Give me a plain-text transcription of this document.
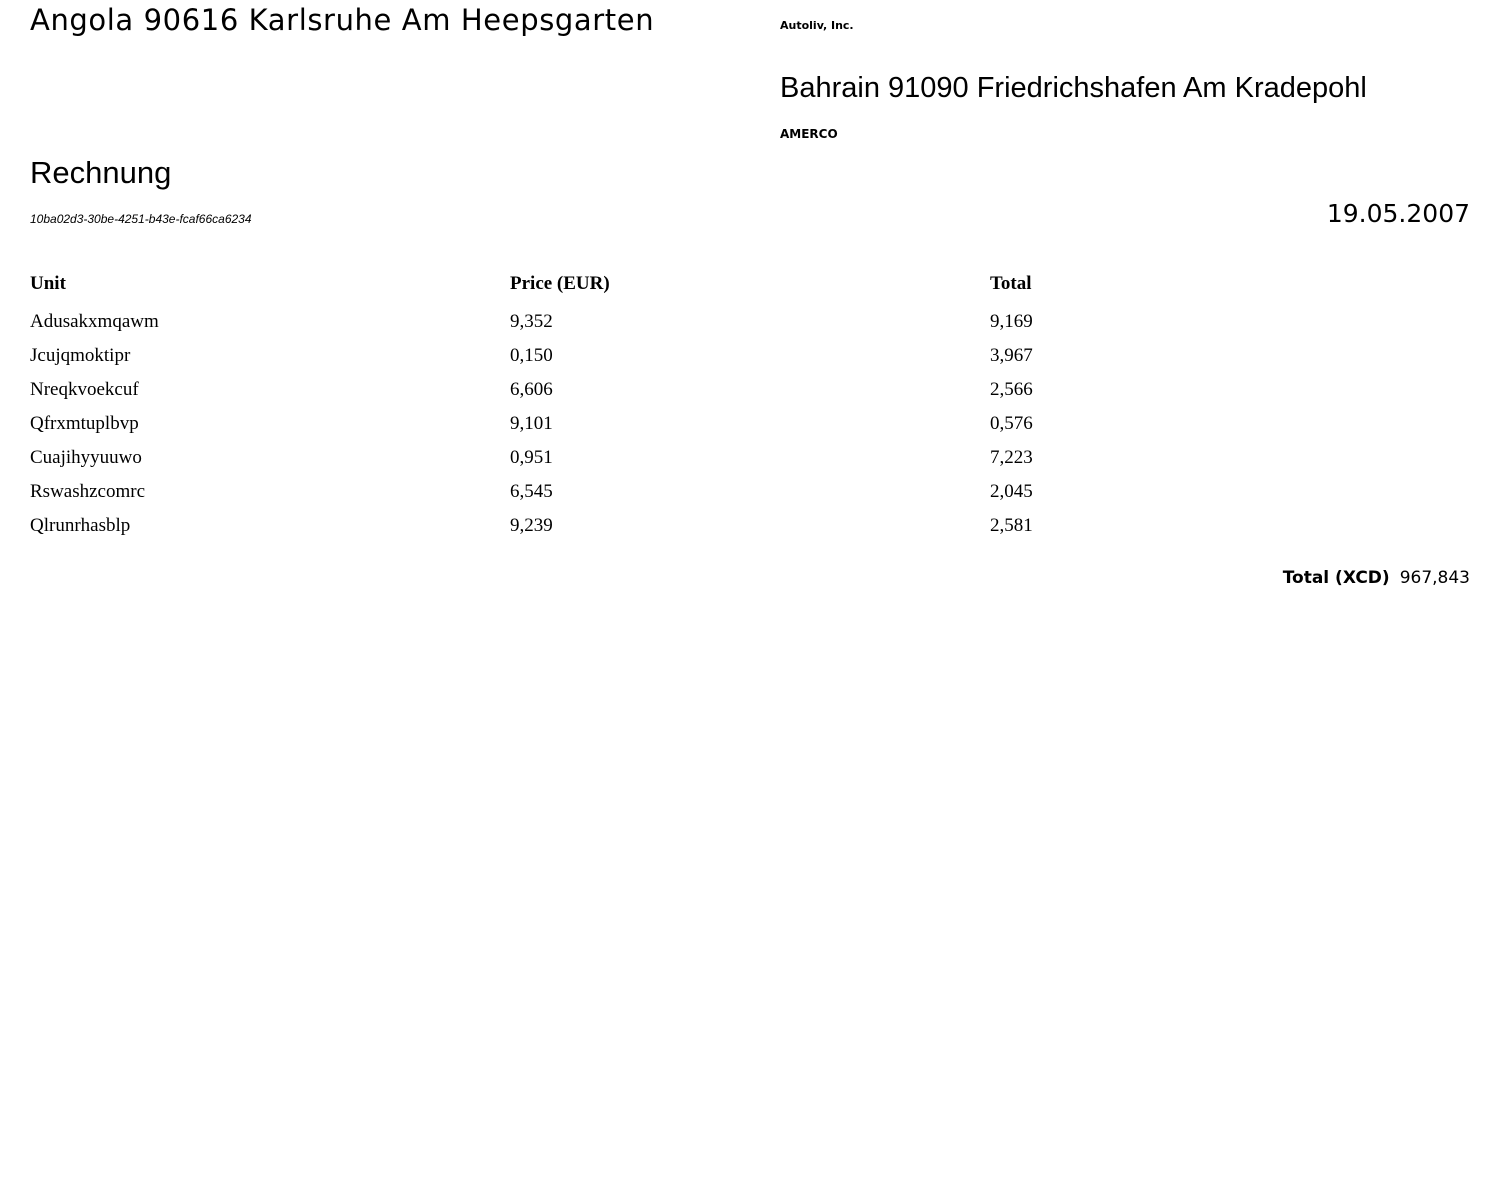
Angola 90616 Karlsruhe Am Heepsgarten	Autoliv, Inc.
Bahrain 91090 Friedrichshafen Am Kradepohl
AMERCO
Rechnung
10ba02d3-30be-4251-b43e-fcaf66ca6234	19.05.2007
Unit	Price (EUR)	Total
Adusakxmqawm	9,352	9,169
Jcujqmoktipr	0,150	3,967
Nreqkvoekcuf	6,606	2,566
Qfrxmtuplbvp	9,101	0,576
Cuajihyyuuwo	0,951	7,223
Rswashzcomrc	6,545	2,045
Qlrunrhasblp	9,239	2,581
Total (XCD) 967,843
